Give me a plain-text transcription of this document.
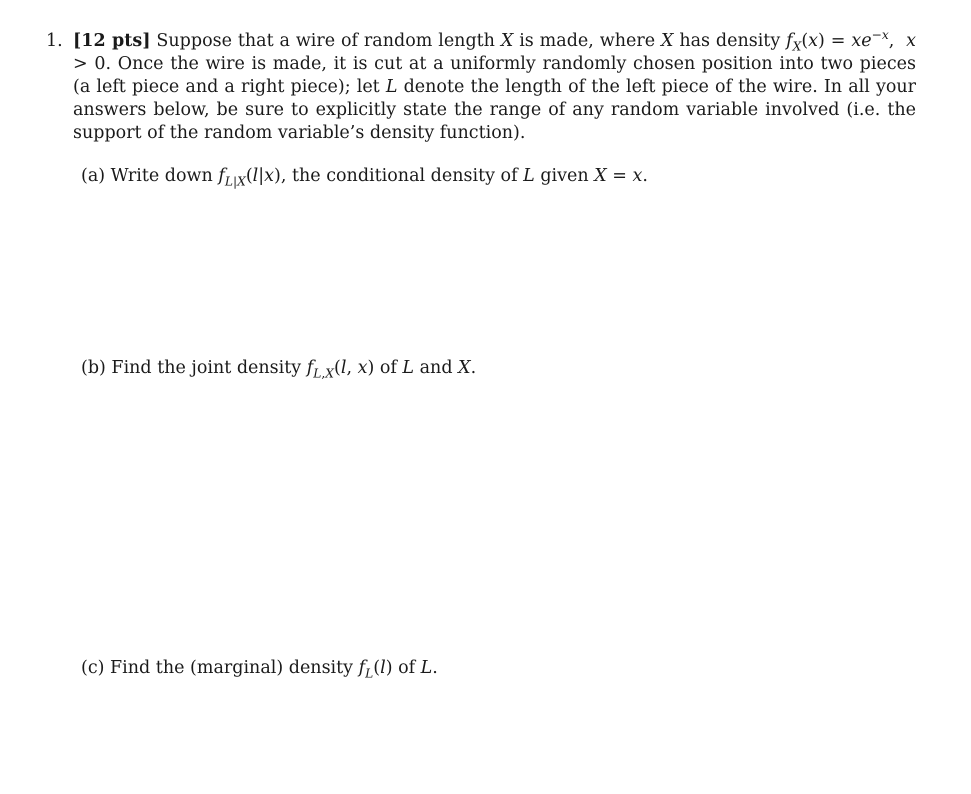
1. [12 pts] Suppose that a wire of random length X is made, where X has density $f_X(x) = xe^{-x}$, x > 0. Once the wire is made, it is cut at a uniformly randomly chosen position into two pieces (a left piece and a right piece); let L denote the length of the left piece of the wire. In all your answers below, be sure to explicitly state the range of any random variable involved (i.e. the support of the random variable’s density function).
(a) Write down $f_{L|X}(l|x)$, the conditional density of L given X = x.
(b) Find the joint density $f_{L,X}(l$, x) of L and X.
(c) Find the (marginal) density $f_L(l)$ of L.
